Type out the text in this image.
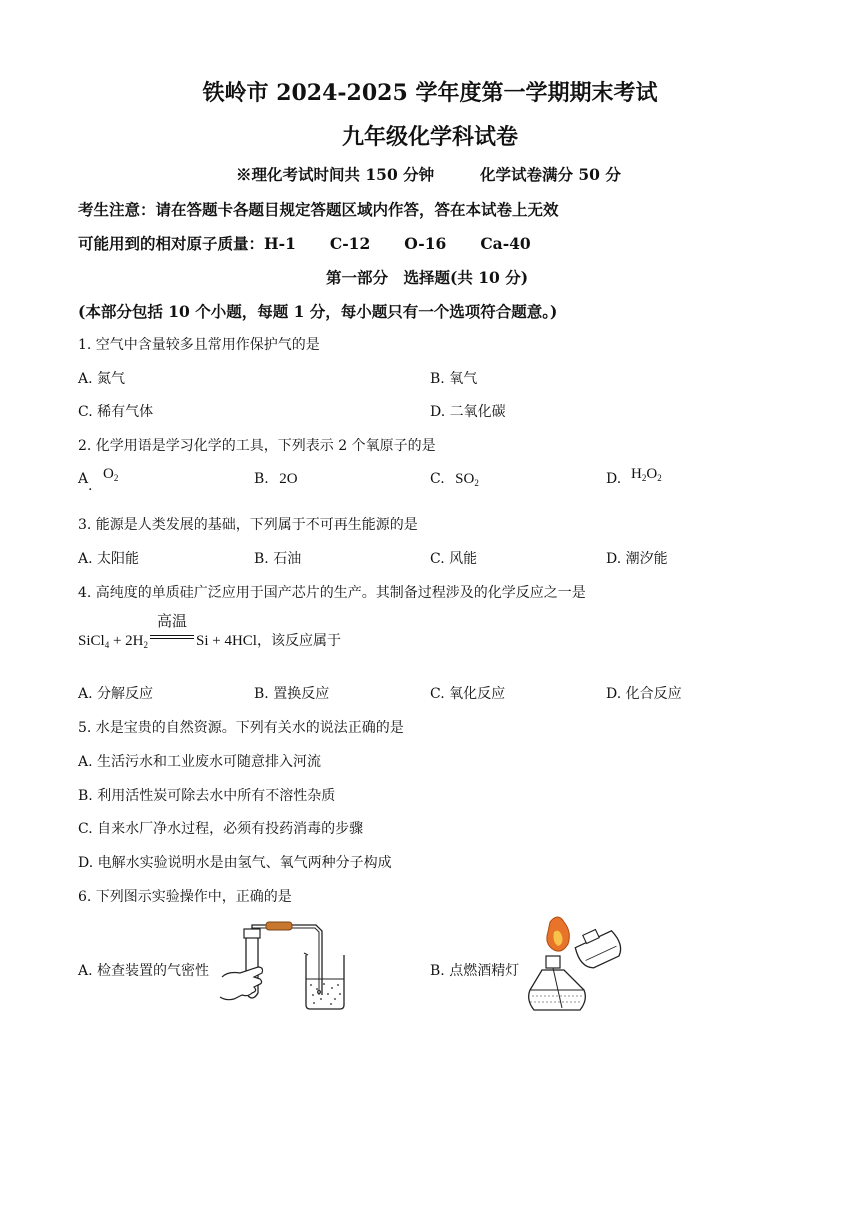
铁岭市 2024-2025 学年度第一学期期末考试
九年级化学科试卷
※理化考试时间共 150 分钟	化学试卷满分 50 分
考生注意：请在答题卡各题目规定答题区域内作答，答在本试卷上无效
可能用到的相对原子质量：H-1 C-12 O-16 Ca-40
第一部分　选择题(共 10 分)
(本部分包括 10 个小题，每题 1 分，每小题只有一个选项符合题意。)
1. 空气中含量较多且常用作保护气的是
A. 氮气	B. 氧气
C. 稀有气体	D. 二氧化碳
2. 化学用语是学习化学的工具，下列表示 2 个氧原子的是
A $O_2$
.	B. 2O	C. $SO_2$	D. $H_2O_2$
3. 能源是人类发展的基础，下列属于不可再生能源的是
A. 太阳能	B. 石油	C. 风能	D. 潮汐能
4. 高纯度的单质硅广泛应用于国产芯片的生产。其制备过程涉及的化学反应之一是
SiCl$_4$ + $2H_2$
高温
Si + 4HCl，该反应属于
A. 分解反应	B. 置换反应	C. 氧化反应	D. 化合反应
5. 水是宝贵的自然资源。下列有关水的说法正确的是
A. 生活污水和工业废水可随意排入河流
B. 利用活性炭可除去水中所有不溶性杂质
C. 自来水厂净水过程，必须有投药消毒的步骤
D. 电解水实验说明水是由氢气、氧气两种分子构成
6. 下列图示实验操作中，正确的是
A. 检查装置的气密性	B. 点燃酒精灯
